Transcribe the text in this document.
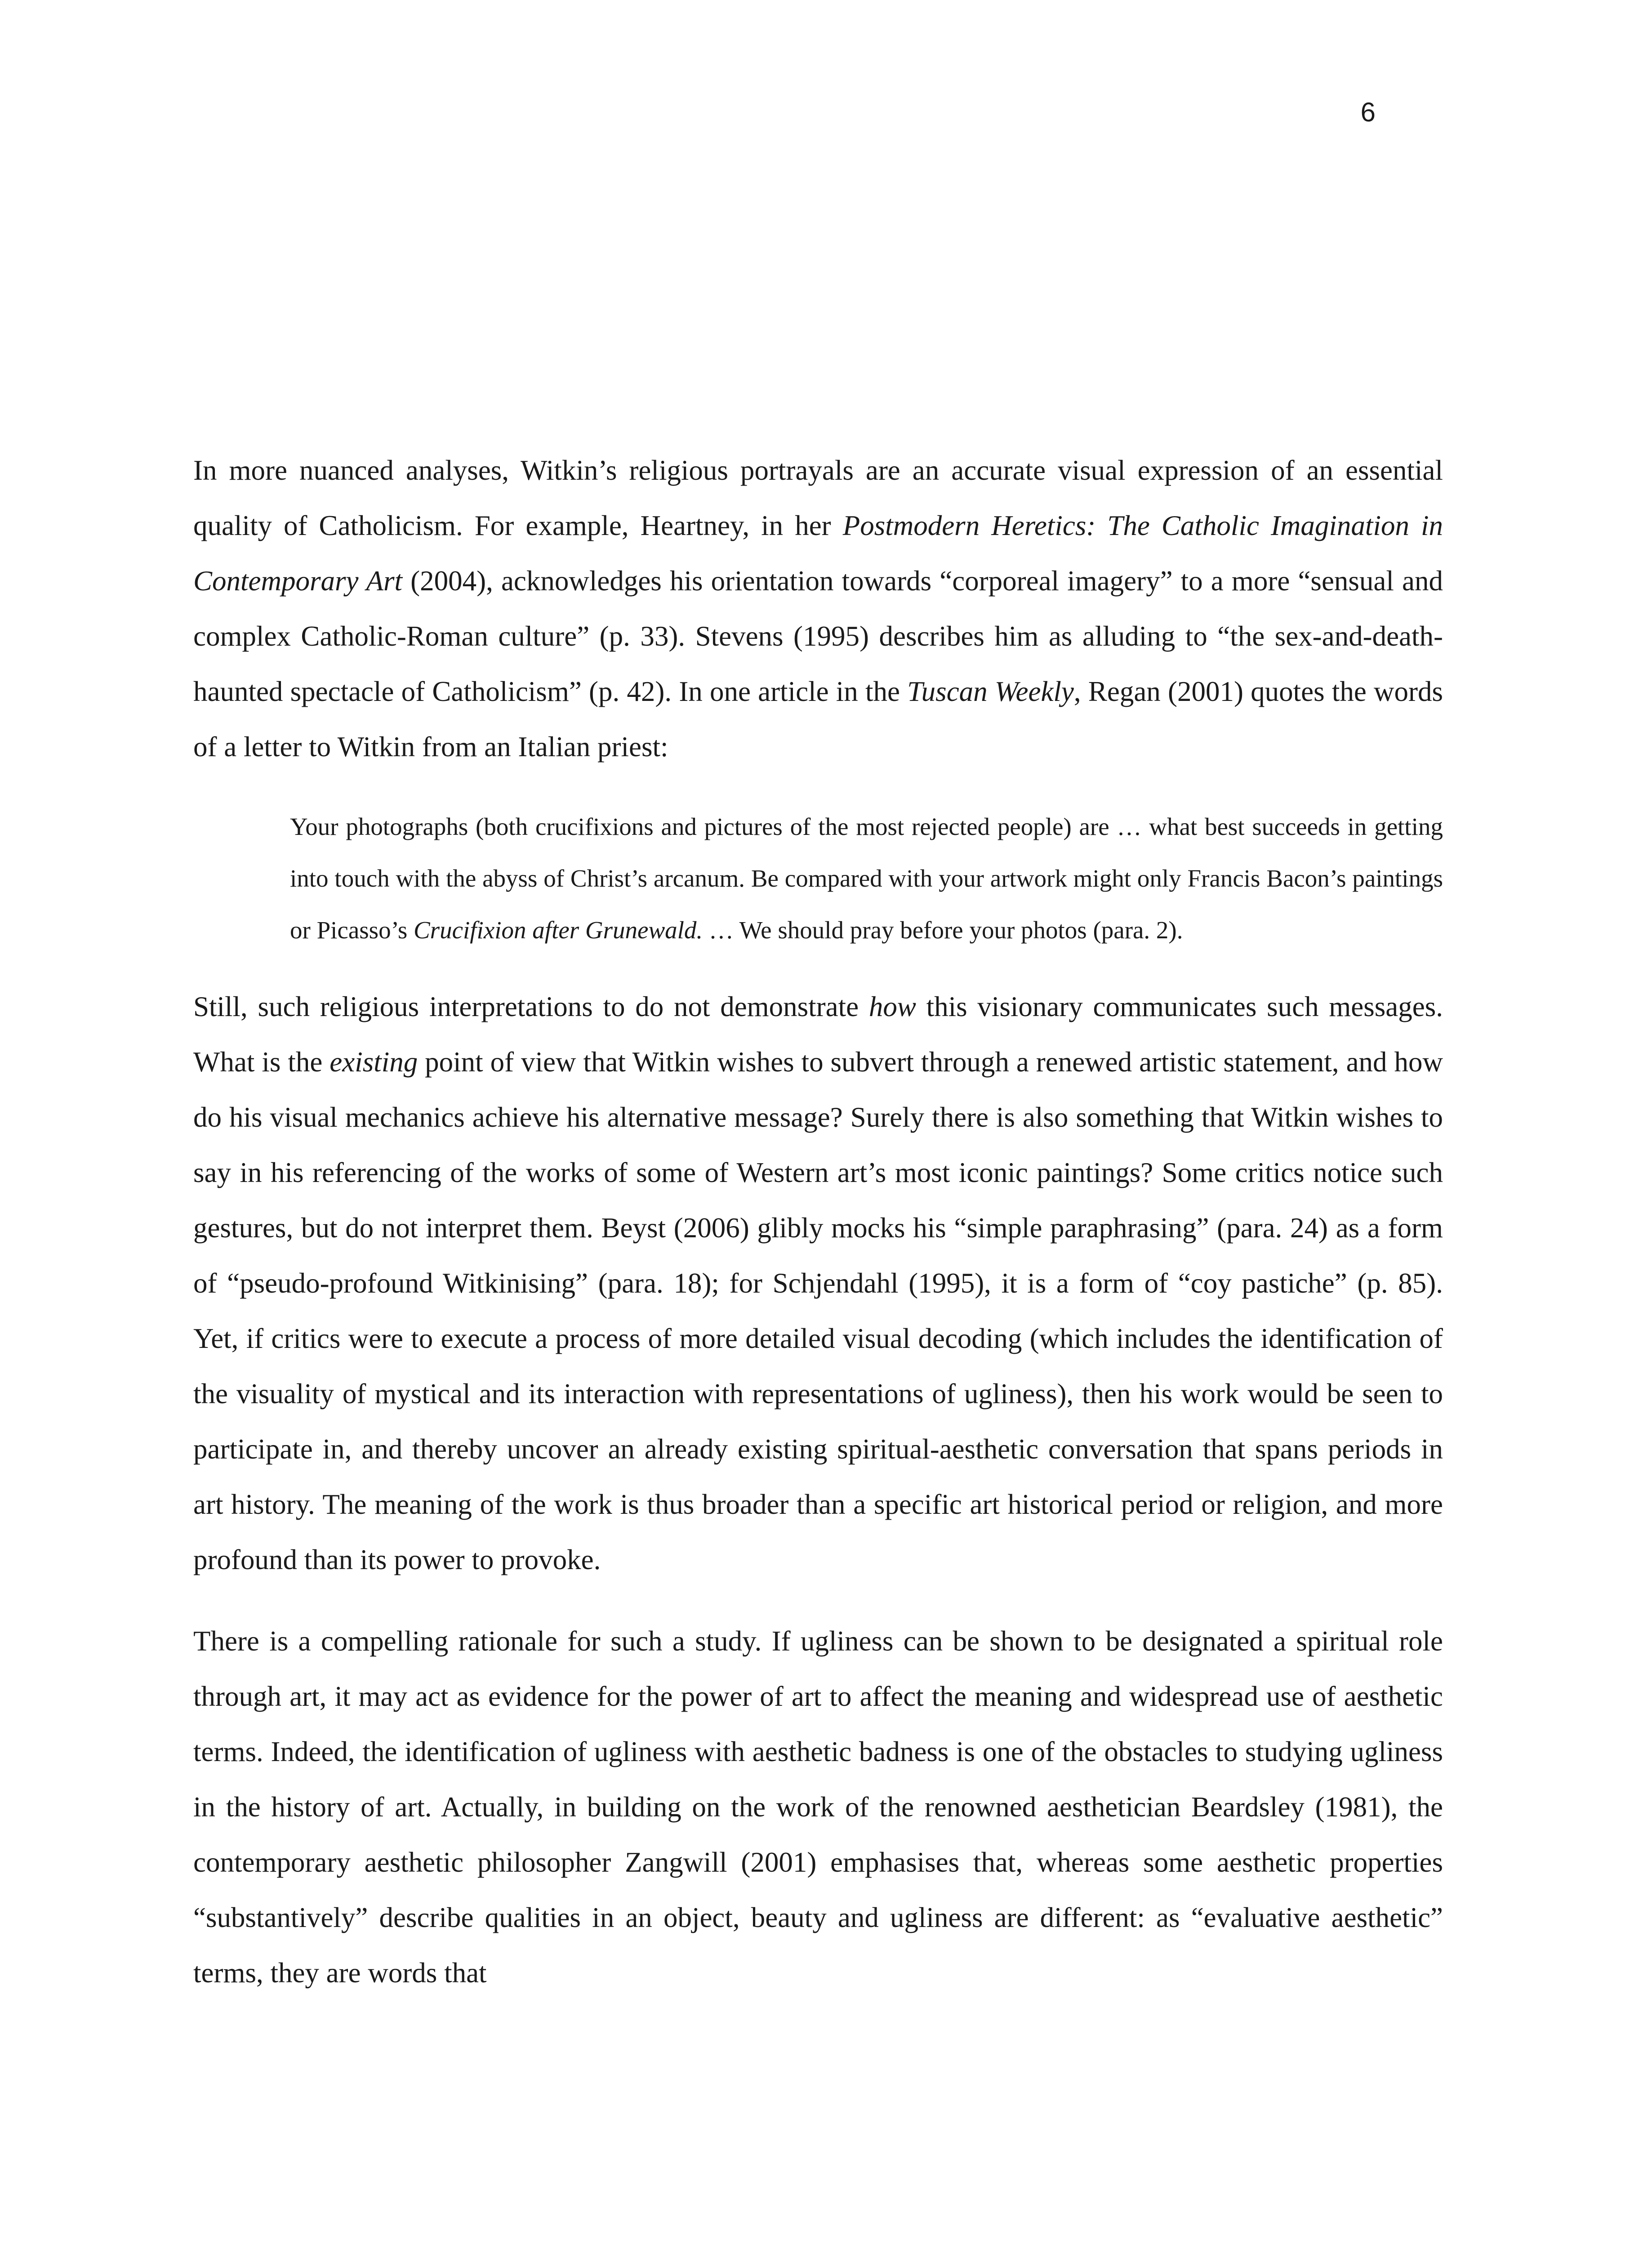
6

In more nuanced analyses, Witkin’s religious portrayals are an accurate visual expression of an essential quality of Catholicism. For example, Heartney, in her Postmodern Heretics: The Catholic Imagination in Contemporary Art (2004), acknowledges his orientation towards “corporeal imagery” to a more “sensual and complex Catholic-Roman culture” (p. 33). Stevens (1995) describes him as alluding to “the sex-and-death-haunted spectacle of Catholicism” (p. 42). In one article in the Tuscan Weekly, Regan (2001) quotes the words of a letter to Witkin from an Italian priest:

Your photographs (both crucifixions and pictures of the most rejected people) are … what best succeeds in getting into touch with the abyss of Christ’s arcanum. Be compared with your artwork might only Francis Bacon’s paintings or Picasso’s Crucifixion after Grunewald. … We should pray before your photos (para. 2).

Still, such religious interpretations to do not demonstrate how this visionary communicates such messages. What is the existing point of view that Witkin wishes to subvert through a renewed artistic statement, and how do his visual mechanics achieve his alternative message? Surely there is also something that Witkin wishes to say in his referencing of the works of some of Western art’s most iconic paintings? Some critics notice such gestures, but do not interpret them. Beyst (2006) glibly mocks his “simple paraphrasing” (para. 24) as a form of “pseudo-profound Witkinising” (para. 18); for Schjendahl (1995), it is a form of “coy pastiche” (p. 85). Yet, if critics were to execute a process of more detailed visual decoding (which includes the identification of the visuality of mystical and its interaction with representations of ugliness), then his work would be seen to participate in, and thereby uncover an already existing spiritual-aesthetic conversation that spans periods in art history. The meaning of the work is thus broader than a specific art historical period or religion, and more profound than its power to provoke.

There is a compelling rationale for such a study. If ugliness can be shown to be designated a spiritual role through art, it may act as evidence for the power of art to affect the meaning and widespread use of aesthetic terms. Indeed, the identification of ugliness with aesthetic badness is one of the obstacles to studying ugliness in the history of art. Actually, in building on the work of the renowned aesthetician Beardsley (1981), the contemporary aesthetic philosopher Zangwill (2001) emphasises that, whereas some aesthetic properties “substantively” describe qualities in an object, beauty and ugliness are different: as “evaluative aesthetic” terms, they are words that
